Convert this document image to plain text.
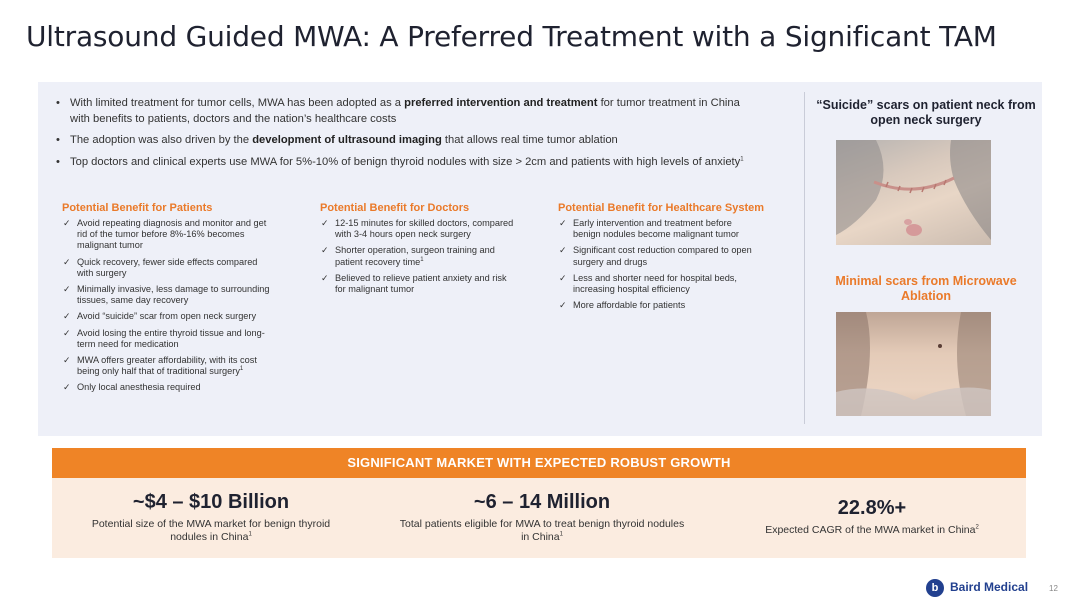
Ultrasound Guided MWA: A Preferred Treatment with a Significant TAM
• With limited treatment for tumor cells, MWA has been adopted as a preferred intervention and treatment for tumor treatment in China with benefits to patients, doctors and the nation’s healthcare costs
• The adoption was also driven by the development of ultrasound imaging that allows real time tumor ablation
• Top doctors and clinical experts use MWA for 5%-10% of benign thyroid nodules with size > 2cm and patients with high levels of anxiety$^1$
Potential Benefit for Patients
✓ Avoid repeating diagnosis and monitor and get rid of the tumor before 8%-16% becomes malignant tumor
✓ Quick recovery, fewer side effects compared with surgery
✓ Minimally invasive, less damage to surrounding tissues, same day recovery
✓ Avoid “suicide” scar from open neck surgery
✓ Avoid losing the entire thyroid tissue and long-term need for medication
✓ MWA offers greater affordability, with its cost being only half that of traditional surgery$^1$
✓ Only local anesthesia required
Potential Benefit for Doctors
✓ 12-15 minutes for skilled doctors, compared with 3-4 hours open neck surgery
✓ Shorter operation, surgeon training and patient recovery time$^1$
✓ Believed to relieve patient anxiety and risk for malignant tumor
Potential Benefit for Healthcare System
✓ Early intervention and treatment before benign nodules become malignant tumor
✓ Significant cost reduction compared to open surgery and drugs
✓ Less and shorter need for hospital beds, increasing hospital efficiency
✓ More affordable for patients
“Suicide” scars on patient neck from open neck surgery
Minimal scars from Microwave Ablation
SIGNIFICANT MARKET WITH EXPECTED ROBUST GROWTH
~$4 – $10 Billion
Potential size of the MWA market for benign thyroid nodules in China$^1$
~6 – 14 Million
Total patients eligible for MWA to treat benign thyroid nodules in China$^1$
22.8%+
Expected CAGR of the MWA market in China$^2$
b Baird Medical	12
